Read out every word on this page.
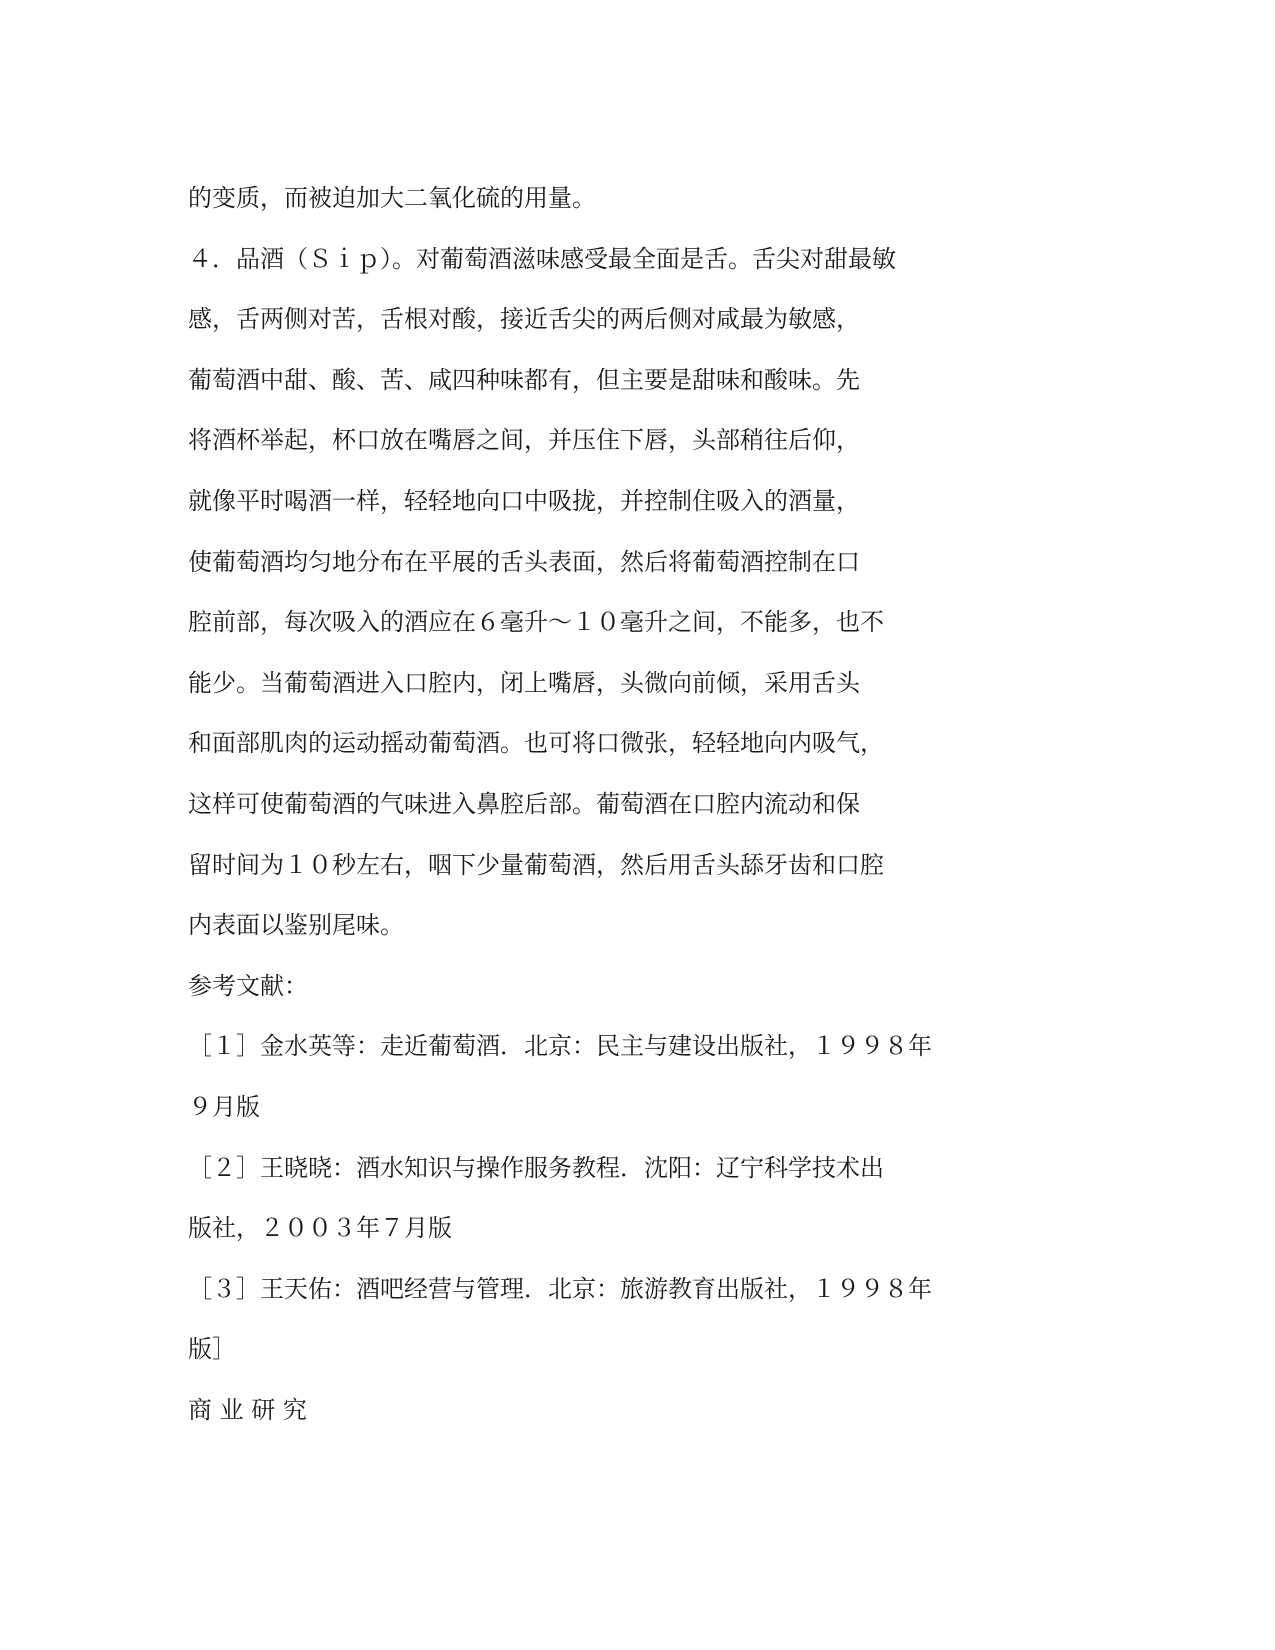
的变质，而被迫加大二氧化硫的用量。
４．品酒（Ｓｉｐ）。对葡萄酒滋味感受最全面是舌。舌尖对甜最敏
感，舌两侧对苦，舌根对酸，接近舌尖的两后侧对咸最为敏感，
葡萄酒中甜、酸、苦、咸四种味都有，但主要是甜味和酸味。先
将酒杯举起，杯口放在嘴唇之间，并压住下唇，头部稍往后仰，
就像平时喝酒一样，轻轻地向口中吸拢，并控制住吸入的酒量，
使葡萄酒均匀地分布在平展的舌头表面，然后将葡萄酒控制在口
腔前部，每次吸入的酒应在６毫升～１０毫升之间，不能多，也不
能少。当葡萄酒进入口腔内，闭上嘴唇，头微向前倾，采用舌头
和面部肌肉的运动摇动葡萄酒。也可将口微张，轻轻地向内吸气，
这样可使葡萄酒的气味进入鼻腔后部。葡萄酒在口腔内流动和保
留时间为１０秒左右，咽下少量葡萄酒，然后用舌头舔牙齿和口腔
内表面以鉴别尾味。
参考文献：
［１］金水英等：走近葡萄酒．北京：民主与建设出版社，１９９８年
９月版
［２］王晓晓：酒水知识与操作服务教程．沈阳：辽宁科学技术出
版社，２００３年７月版
［３］王天佑：酒吧经营与管理．北京：旅游教育出版社，１９９８年
版］
商 业 研 究
